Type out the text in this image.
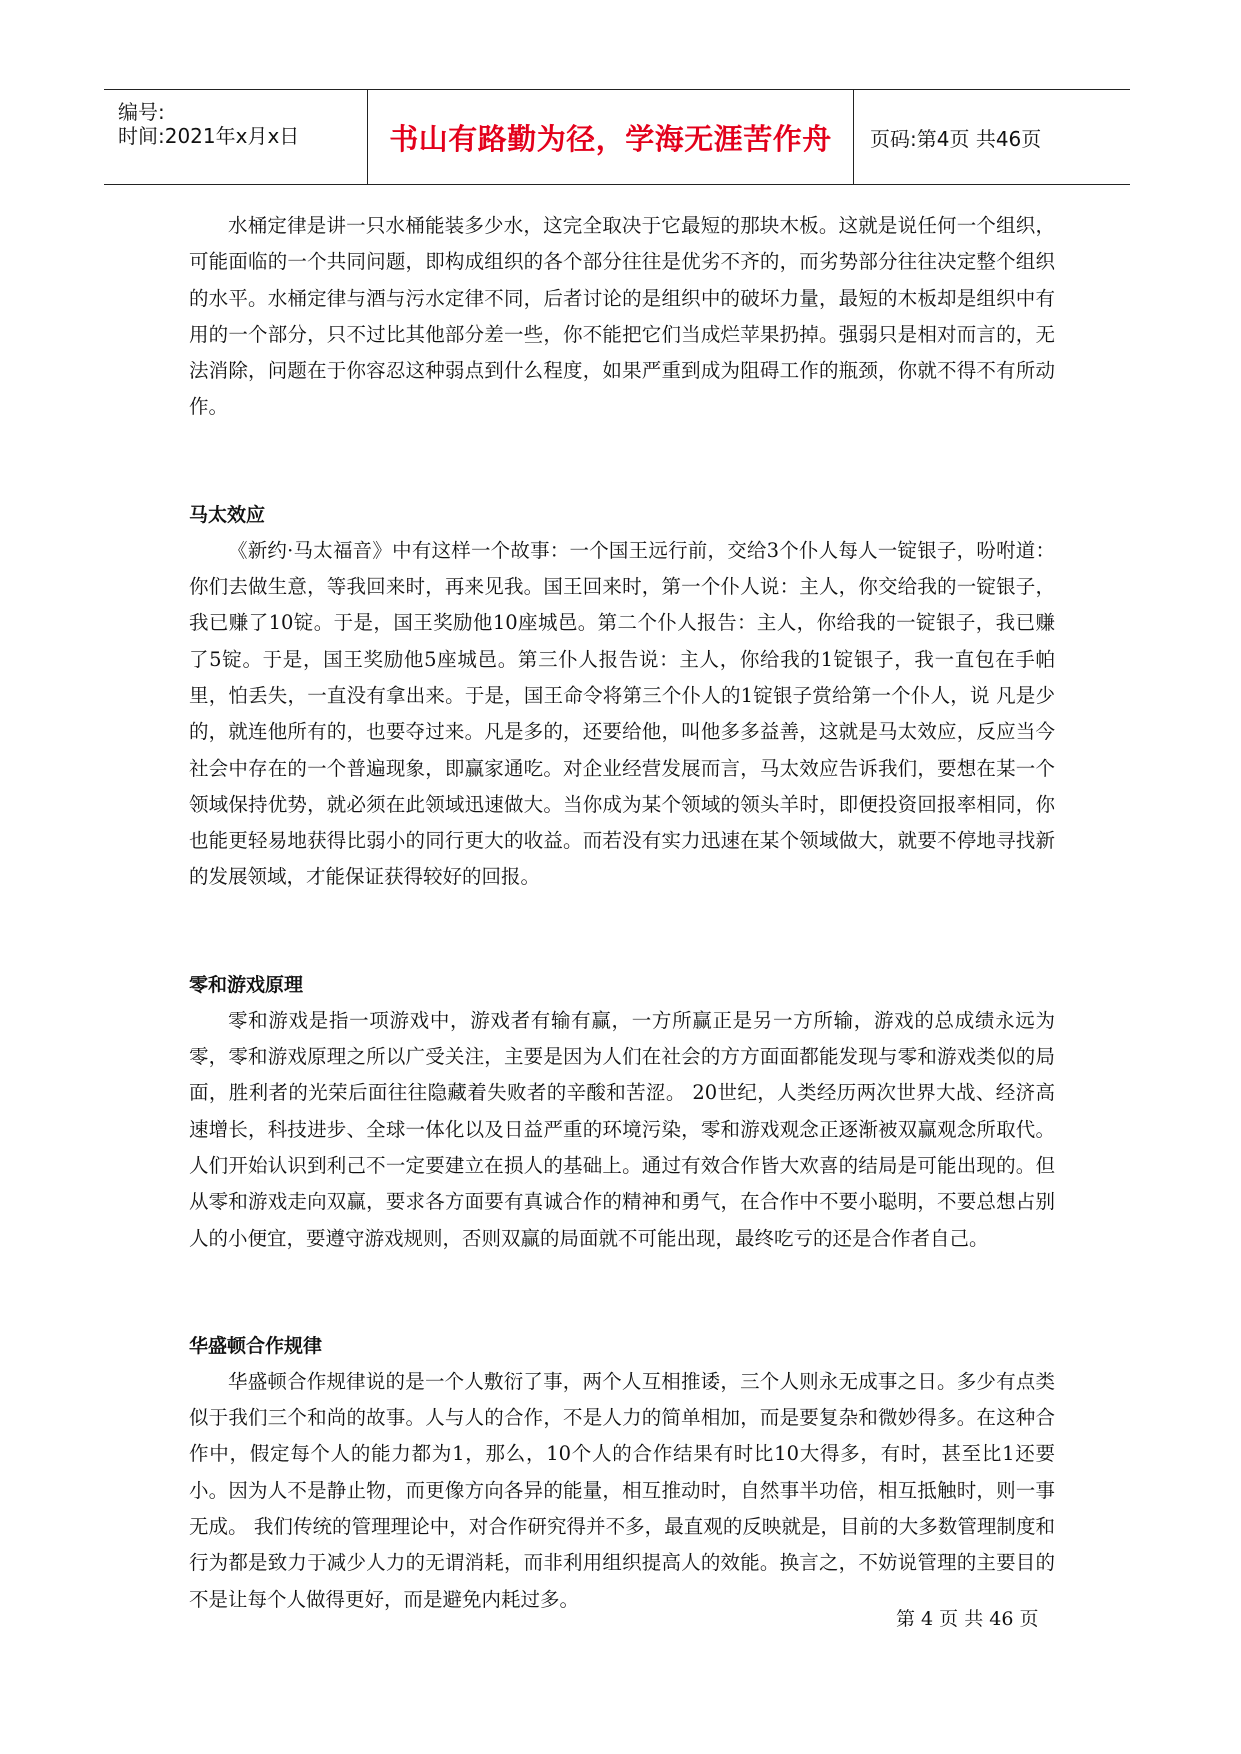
编号:
时间:2021年x月x日	书山有路勤为径，学海无涯苦作舟 页码:第4页 共46页

水桶定律是讲一只水桶能装多少水，这完全取决于它最短的那块木板。这就是说任何一个组织，可能面临的一个共同问题，即构成组织的各个部分往往是优劣不齐的，而劣势部分往往决定整个组织的水平。水桶定律与酒与污水定律不同，后者讨论的是组织中的破坏力量，最短的木板却是组织中有用的一个部分，只不过比其他部分差一些，你不能把它们当成烂苹果扔掉。强弱只是相对而言的，无法消除，问题在于你容忍这种弱点到什么程度，如果严重到成为阻碍工作的瓶颈，你就不得不有所动作。

马太效应

《新约·马太福音》中有这样一个故事：一个国王远行前，交给3个仆人每人一锭银子，吩咐道：你们去做生意，等我回来时，再来见我。国王回来时，第一个仆人说：主人，你交给我的一锭银子，我已赚了10锭。于是，国王奖励他10座城邑。第二个仆人报告：主人，你给我的一锭银子，我已赚了5锭。于是，国王奖励他5座城邑。第三仆人报告说：主人，你给我的1锭银子，我一直包在手帕里，怕丢失，一直没有拿出来。于是，国王命令将第三个仆人的1锭银子赏给第一个仆人，说 凡是少的，就连他所有的，也要夺过来。凡是多的，还要给他，叫他多多益善，这就是马太效应，反应当今社会中存在的一个普遍现象，即赢家通吃。对企业经营发展而言，马太效应告诉我们，要想在某一个领域保持优势，就必须在此领域迅速做大。当你成为某个领域的领头羊时，即便投资回报率相同，你也能更轻易地获得比弱小的同行更大的收益。而若没有实力迅速在某个领域做大，就要不停地寻找新的发展领域，才能保证获得较好的回报。

零和游戏原理

零和游戏是指一项游戏中，游戏者有输有赢，一方所赢正是另一方所输，游戏的总成绩永远为零，零和游戏原理之所以广受关注，主要是因为人们在社会的方方面面都能发现与零和游戏类似的局面，胜利者的光荣后面往往隐藏着失败者的辛酸和苦涩。 20世纪，人类经历两次世界大战、经济高速增长，科技进步、全球一体化以及日益严重的环境污染，零和游戏观念正逐渐被双赢观念所取代。人们开始认识到利己不一定要建立在损人的基础上。通过有效合作皆大欢喜的结局是可能出现的。但从零和游戏走向双赢，要求各方面要有真诚合作的精神和勇气，在合作中不要小聪明，不要总想占别人的小便宜，要遵守游戏规则，否则双赢的局面就不可能出现，最终吃亏的还是合作者自己。

华盛顿合作规律

华盛顿合作规律说的是一个人敷衍了事，两个人互相推诿，三个人则永无成事之日。多少有点类似于我们三个和尚的故事。人与人的合作，不是人力的简单相加，而是要复杂和微妙得多。在这种合作中，假定每个人的能力都为1，那么，10个人的合作结果有时比10大得多，有时，甚至比1还要小。因为人不是静止物，而更像方向各异的能量，相互推动时，自然事半功倍，相互抵触时，则一事无成。 我们传统的管理理论中，对合作研究得并不多，最直观的反映就是，目前的大多数管理制度和行为都是致力于减少人力的无谓消耗，而非利用组织提高人的效能。换言之，不妨说管理的主要目的不是让每个人做得更好，而是避免内耗过多。

第 4 页 共 46 页
